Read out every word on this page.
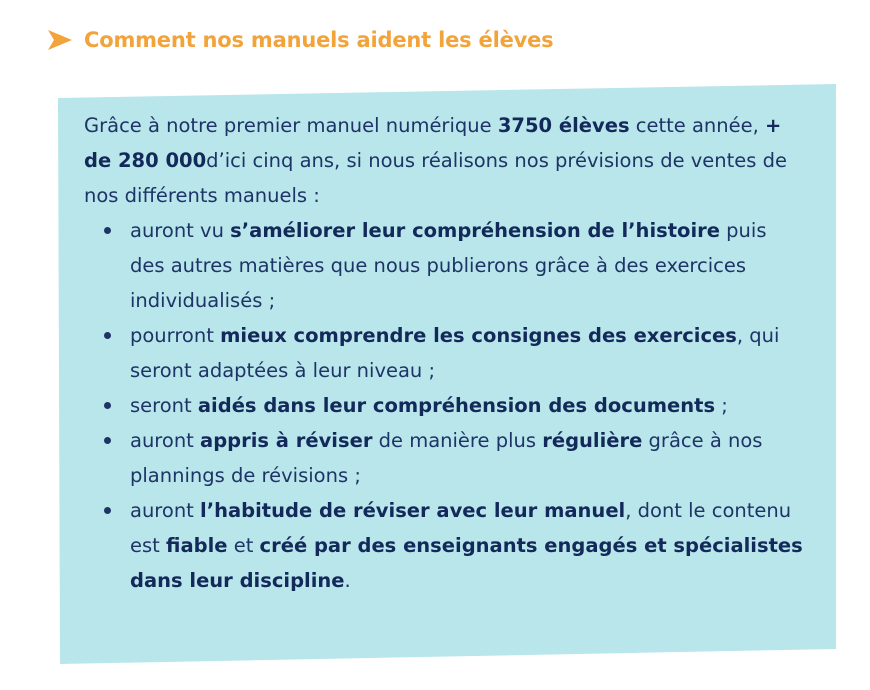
Comment nos manuels aident les élèves

Grâce à notre premier manuel numérique 3750 élèves cette année, + de 280 000d’ici cinq ans, si nous réalisons nos prévisions de ventes de nos différents manuels :

auront vu s’améliorer leur compréhension de l’histoire puis des autres matières que nous publierons grâce à des exercices individualisés ;
pourront mieux comprendre les consignes des exercices, qui seront adaptées à leur niveau ;
seront aidés dans leur compréhension des documents ;
auront appris à réviser de manière plus régulière grâce à nos plannings de révisions ;
auront l’habitude de réviser avec leur manuel, dont le contenu est fiable et créé par des enseignants engagés et spécialistes dans leur discipline.
